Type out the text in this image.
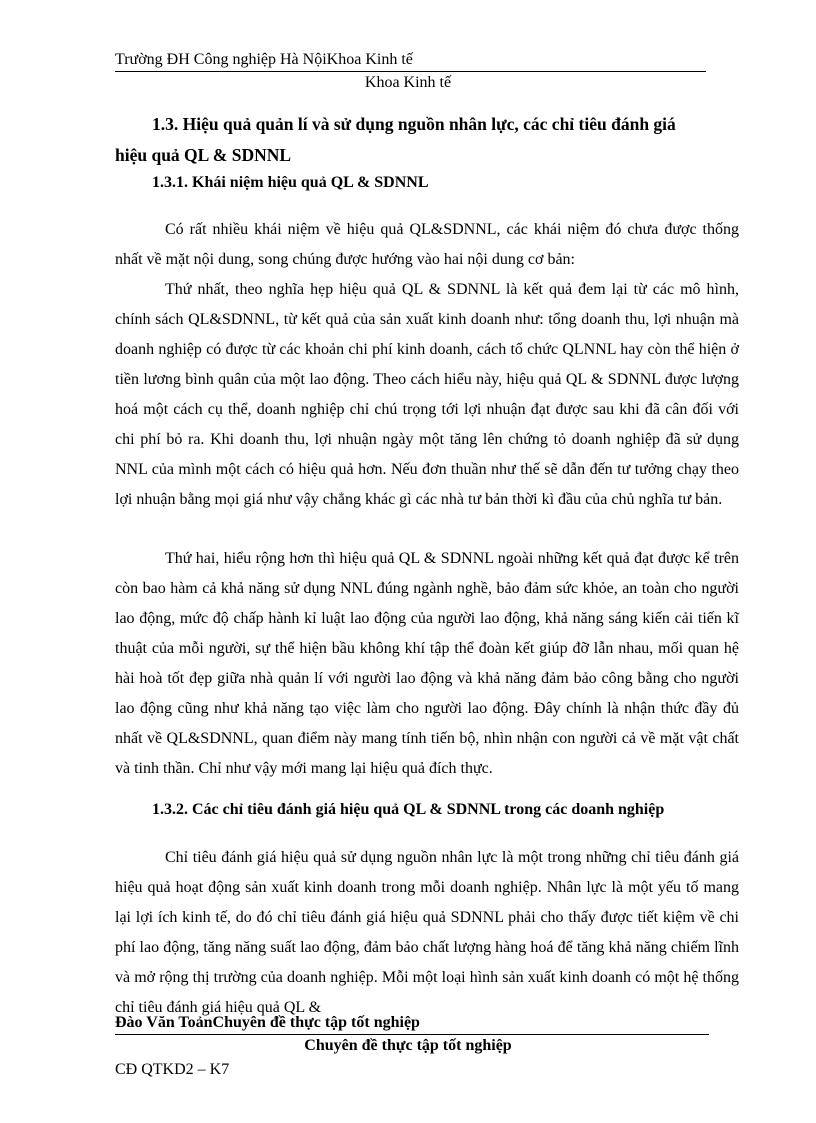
Trường ĐH Công nghiệp Hà NộiKhoa Kinh tế
Khoa Kinh tế
1.3. Hiệu quả quản lí và sử dụng nguồn nhân lực, các chỉ tiêu đánh giá
hiệu quả QL & SDNNL
1.3.1. Khái niệm hiệu quả QL & SDNNL

Có rất nhiều khái niệm về hiệu quả QL&SDNNL, các khái niệm đó chưa được thống nhất về mặt nội dung, song chúng được hướng vào hai nội dung cơ bản:

Thứ nhất, theo nghĩa hẹp hiệu quả QL & SDNNL là kết quả đem lại từ các mô hình, chính sách QL&SDNNL, từ kết quả của sản xuất kinh doanh như: tổng doanh thu, lợi nhuận mà doanh nghiệp có được từ các khoản chi phí kinh doanh, cách tổ chức QLNNL hay còn thể hiện ở tiền lương bình quân của một lao động. Theo cách hiểu này, hiệu quả QL & SDNNL được lượng hoá một cách cụ thể, doanh nghiệp chỉ chú trọng tới lợi nhuận đạt được sau khi đã cân đối với chi phí bỏ ra. Khi doanh thu, lợi nhuận ngày một tăng lên chứng tỏ doanh nghiệp đã sử dụng NNL của mình một cách có hiệu quả hơn. Nếu đơn thuần như thế sẽ dẫn đến tư tưởng chạy theo lợi nhuận bằng mọi giá như vậy chẳng khác gì các nhà tư bản thời kì đầu của chủ nghĩa tư bản.

Thứ hai, hiểu rộng hơn thì hiệu quả QL & SDNNL ngoài những kết quả đạt được kể trên còn bao hàm cả khả năng sử dụng NNL đúng ngành nghề, bảo đảm sức khỏe, an toàn cho người lao động, mức độ chấp hành kỉ luật lao động của người lao động, khả năng sáng kiến cải tiến kĩ thuật của mỗi người, sự thể hiện bầu không khí tập thể đoàn kết giúp đỡ lẫn nhau, mối quan hệ hài hoà tốt đẹp giữa nhà quản lí với người lao động và khả năng đảm bảo công bằng cho người lao động cũng như khả năng tạo việc làm cho người lao động. Đây chính là nhận thức đầy đủ nhất về QL&SDNNL, quan điểm này mang tính tiến bộ, nhìn nhận con người cả về mặt vật chất và tinh thần. Chỉ như vậy mới mang lại hiệu quả đích thực.

1.3.2. Các chỉ tiêu đánh giá hiệu quả QL & SDNNL trong các doanh nghiệp

Chỉ tiêu đánh giá hiệu quả sử dụng nguồn nhân lực là một trong những chỉ tiêu đánh giá hiệu quả hoạt động sản xuất kinh doanh trong mỗi doanh nghiệp. Nhân lực là một yếu tố mang lại lợi ích kinh tế, do đó chỉ tiêu đánh giá hiệu quả SDNNL phải cho thấy được tiết kiệm về chi phí lao động, tăng năng suất lao động, đảm bảo chất lượng hàng hoá để tăng khả năng chiếm lĩnh và mở rộng thị trường của doanh nghiệp. Mỗi một loại hình sản xuất kinh doanh có một hệ thống chỉ tiêu đánh giá hiệu quả QL &

Đào Văn ToảnChuyên đề thực tập tốt nghiệp
Chuyên đề thực tập tốt nghiệp
CĐ QTKD2 – K7
